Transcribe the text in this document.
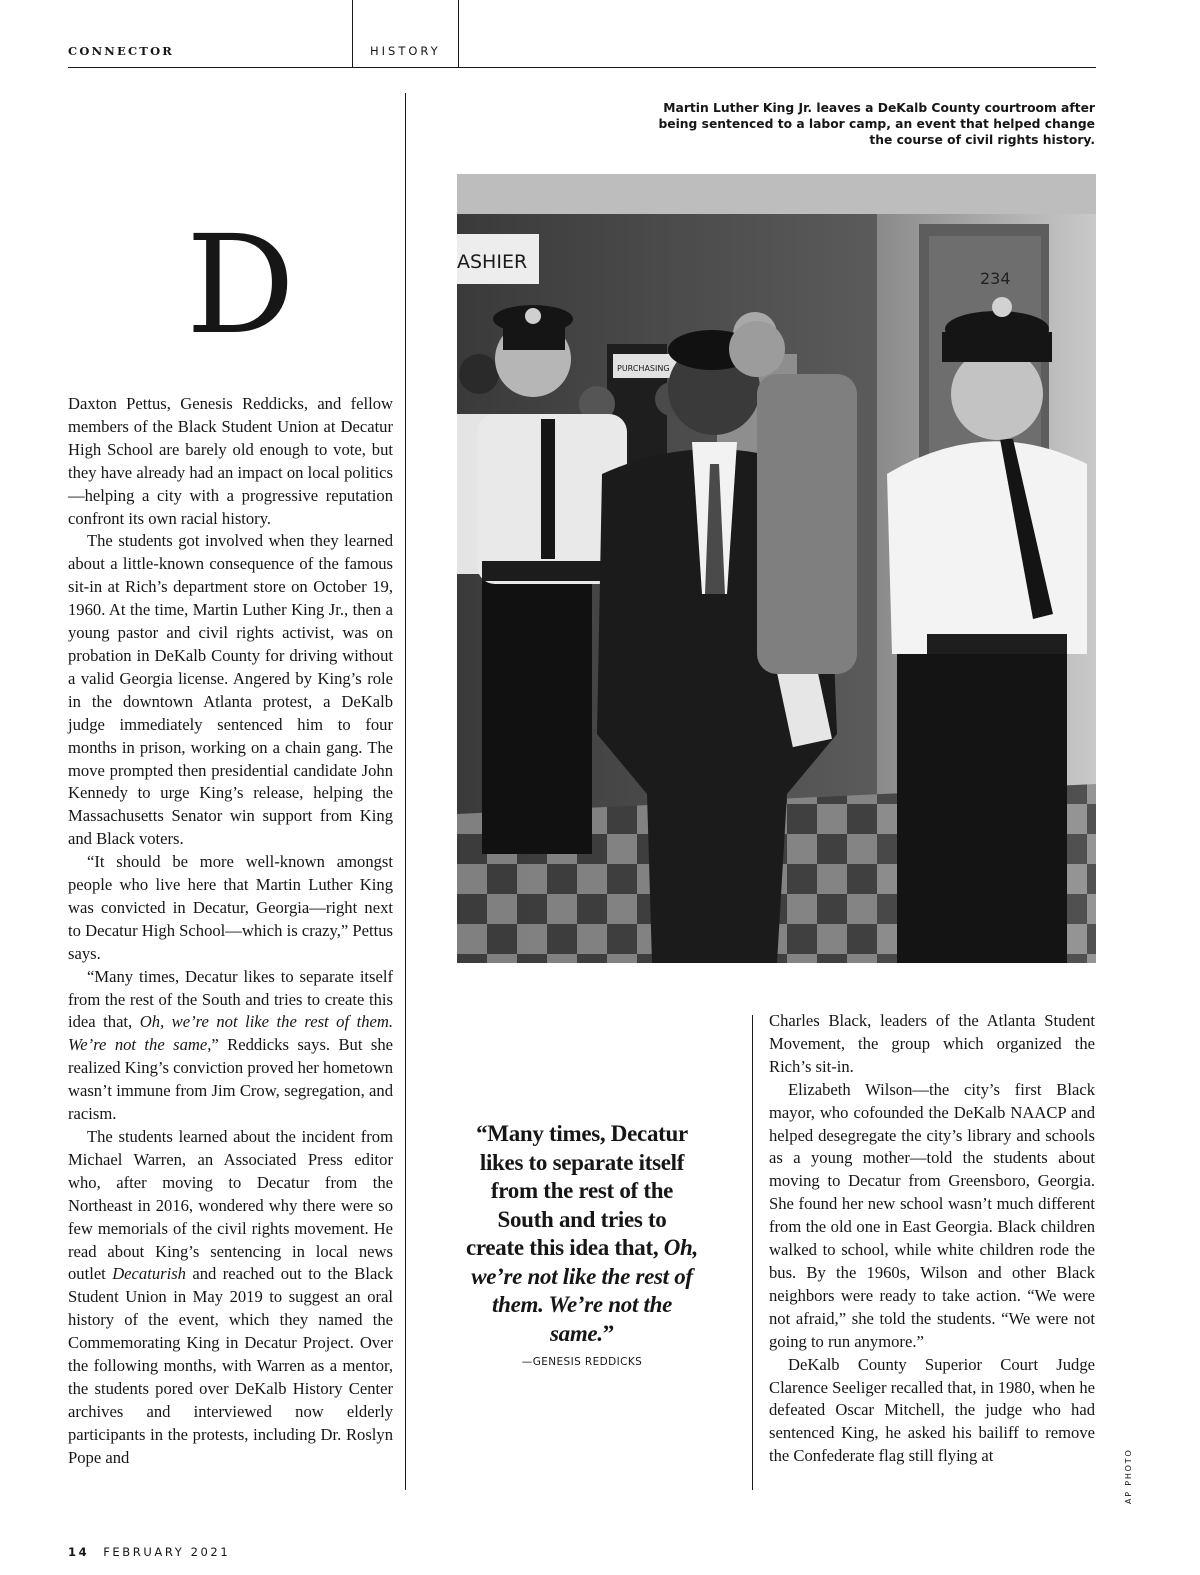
CONNECTOR	HISTORY
Martin Luther King Jr. leaves a DeKalb County courtroom after being sentenced to a labor camp, an event that helped change the course of civil rights history.
234
ASHIER
PURCHASING
D

Daxton Pettus, Genesis Reddicks, and fellow members of the Black Student Union at Decatur High School are barely old enough to vote, but they have already had an impact on local politics—helping a city with a progressive reputation confront its own racial history.

The students got involved when they learned about a little-known consequence of the famous sit-in at Rich’s department store on October 19, 1960. At the time, Martin Luther King Jr., then a young pastor and civil rights activist, was on probation in DeKalb County for driving without a valid Georgia license. Angered by King’s role in the downtown Atlanta protest, a DeKalb judge immediately sentenced him to four months in prison, working on a chain gang. The move prompted then presidential candidate John Kennedy to urge King’s release, helping the Massachusetts Senator win support from King and Black voters.

“It should be more well-known amongst people who live here that Martin Luther King was convicted in Decatur, Georgia—right next to Decatur High School—which is crazy,” Pettus says.

“Many times, Decatur likes to separate itself from the rest of the South and tries to create this idea that, Oh, we’re not like the rest of them. We’re not the same,” Reddicks says. But she realized King’s conviction proved her hometown wasn’t immune from Jim Crow, segregation, and racism.

The students learned about the incident from Michael Warren, an Associated Press editor who, after moving to Decatur from the Northeast in 2016, wondered why there were so few memorials of the civil rights movement. He read about King’s sentencing in local news outlet Decaturish and reached out to the Black Student Union in May 2019 to suggest an oral history of the event, which they named the Commemorating King in Decatur Project. Over the following months, with Warren as a mentor, the students pored over DeKalb History Center archives and interviewed now elderly participants in the protests, including Dr. Roslyn Pope and

“Many times, Decatur likes to separate itself from the rest of the South and tries to create this idea that, Oh, we’re not like the rest of them. We’re not the same.”
—GENESIS REDDICKS

Charles Black, leaders of the Atlanta Student Movement, the group which organized the Rich’s sit-in.

Elizabeth Wilson—the city’s first Black mayor, who cofounded the DeKalb NAACP and helped desegregate the city’s library and schools as a young mother—told the students about moving to Decatur from Greensboro, Georgia. She found her new school wasn’t much different from the old one in East Georgia. Black children walked to school, while white children rode the bus. By the 1960s, Wilson and other Black neighbors were ready to take action. “We were not afraid,” she told the students. “We were not going to run anymore.”

DeKalb County Superior Court Judge Clarence Seeliger recalled that, in 1980, when he defeated Oscar Mitchell, the judge who had sentenced King, he asked his bailiff to remove the Confederate flag still flying at	AP PHOTO
14 FEBRUARY 2021
